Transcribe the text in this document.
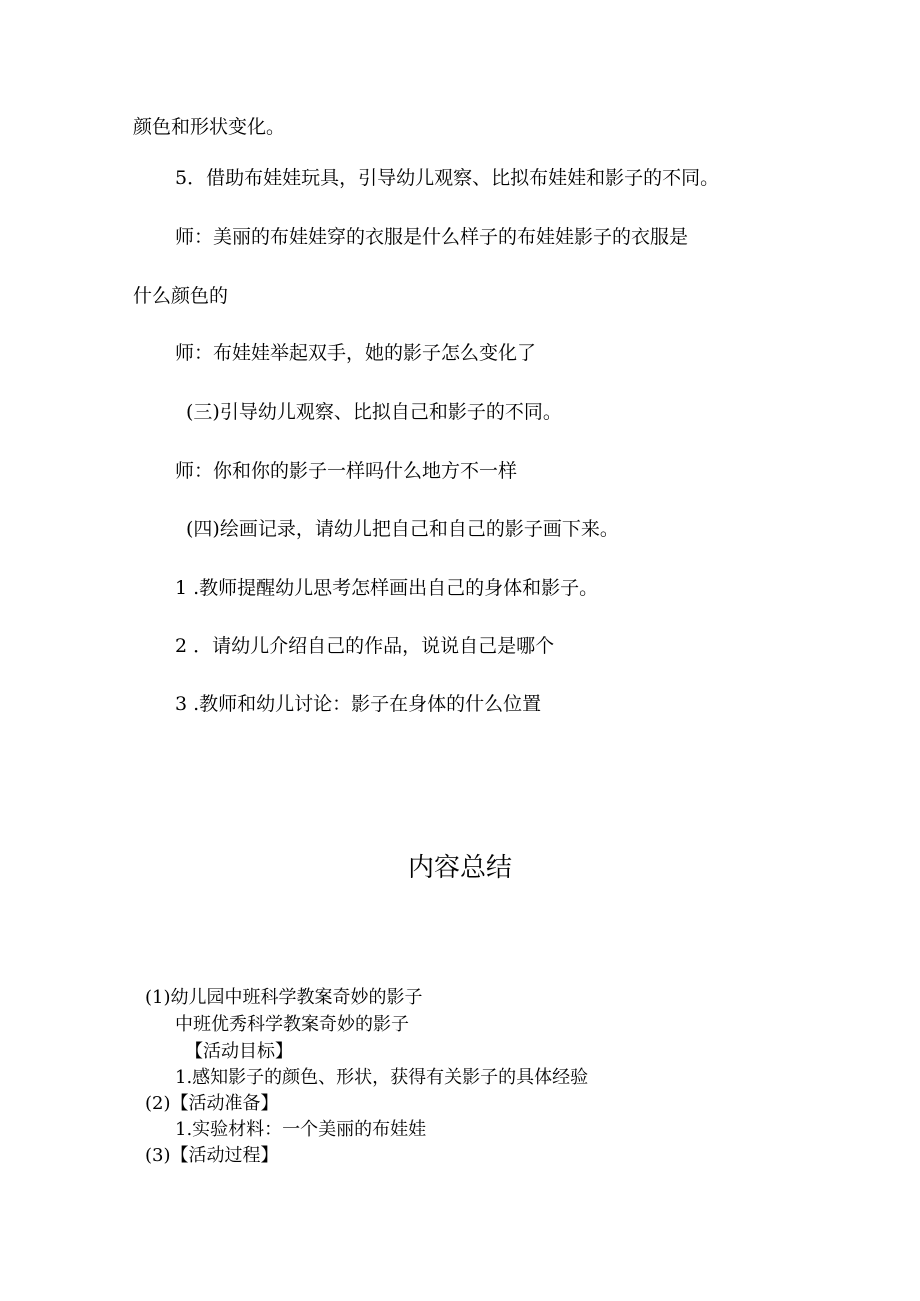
颜色和形状变化。
5．借助布娃娃玩具，引导幼儿观察、比拟布娃娃和影子的不同。
师：美丽的布娃娃穿的衣服是什么样子的布娃娃影子的衣服是
什么颜色的
师：布娃娃举起双手，她的影子怎么变化了
(三)引导幼儿观察、比拟自己和影子的不同。
师：你和你的影子一样吗什么地方不一样
(四)绘画记录，请幼儿把自己和自己的影子画下来。
1 .教师提醒幼儿思考怎样画出自己的身体和影子。
2 ．请幼儿介绍自己的作品，说说自己是哪个
3 .教师和幼儿讨论：影子在身体的什么位置
内容总结
(1)幼儿园中班科学教案奇妙的影子
中班优秀科学教案奇妙的影子
【活动目标】
1.感知影子的颜色、形状，获得有关影子的具体经验
(2)【活动准备】
1.实验材料：一个美丽的布娃娃
(3)【活动过程】
